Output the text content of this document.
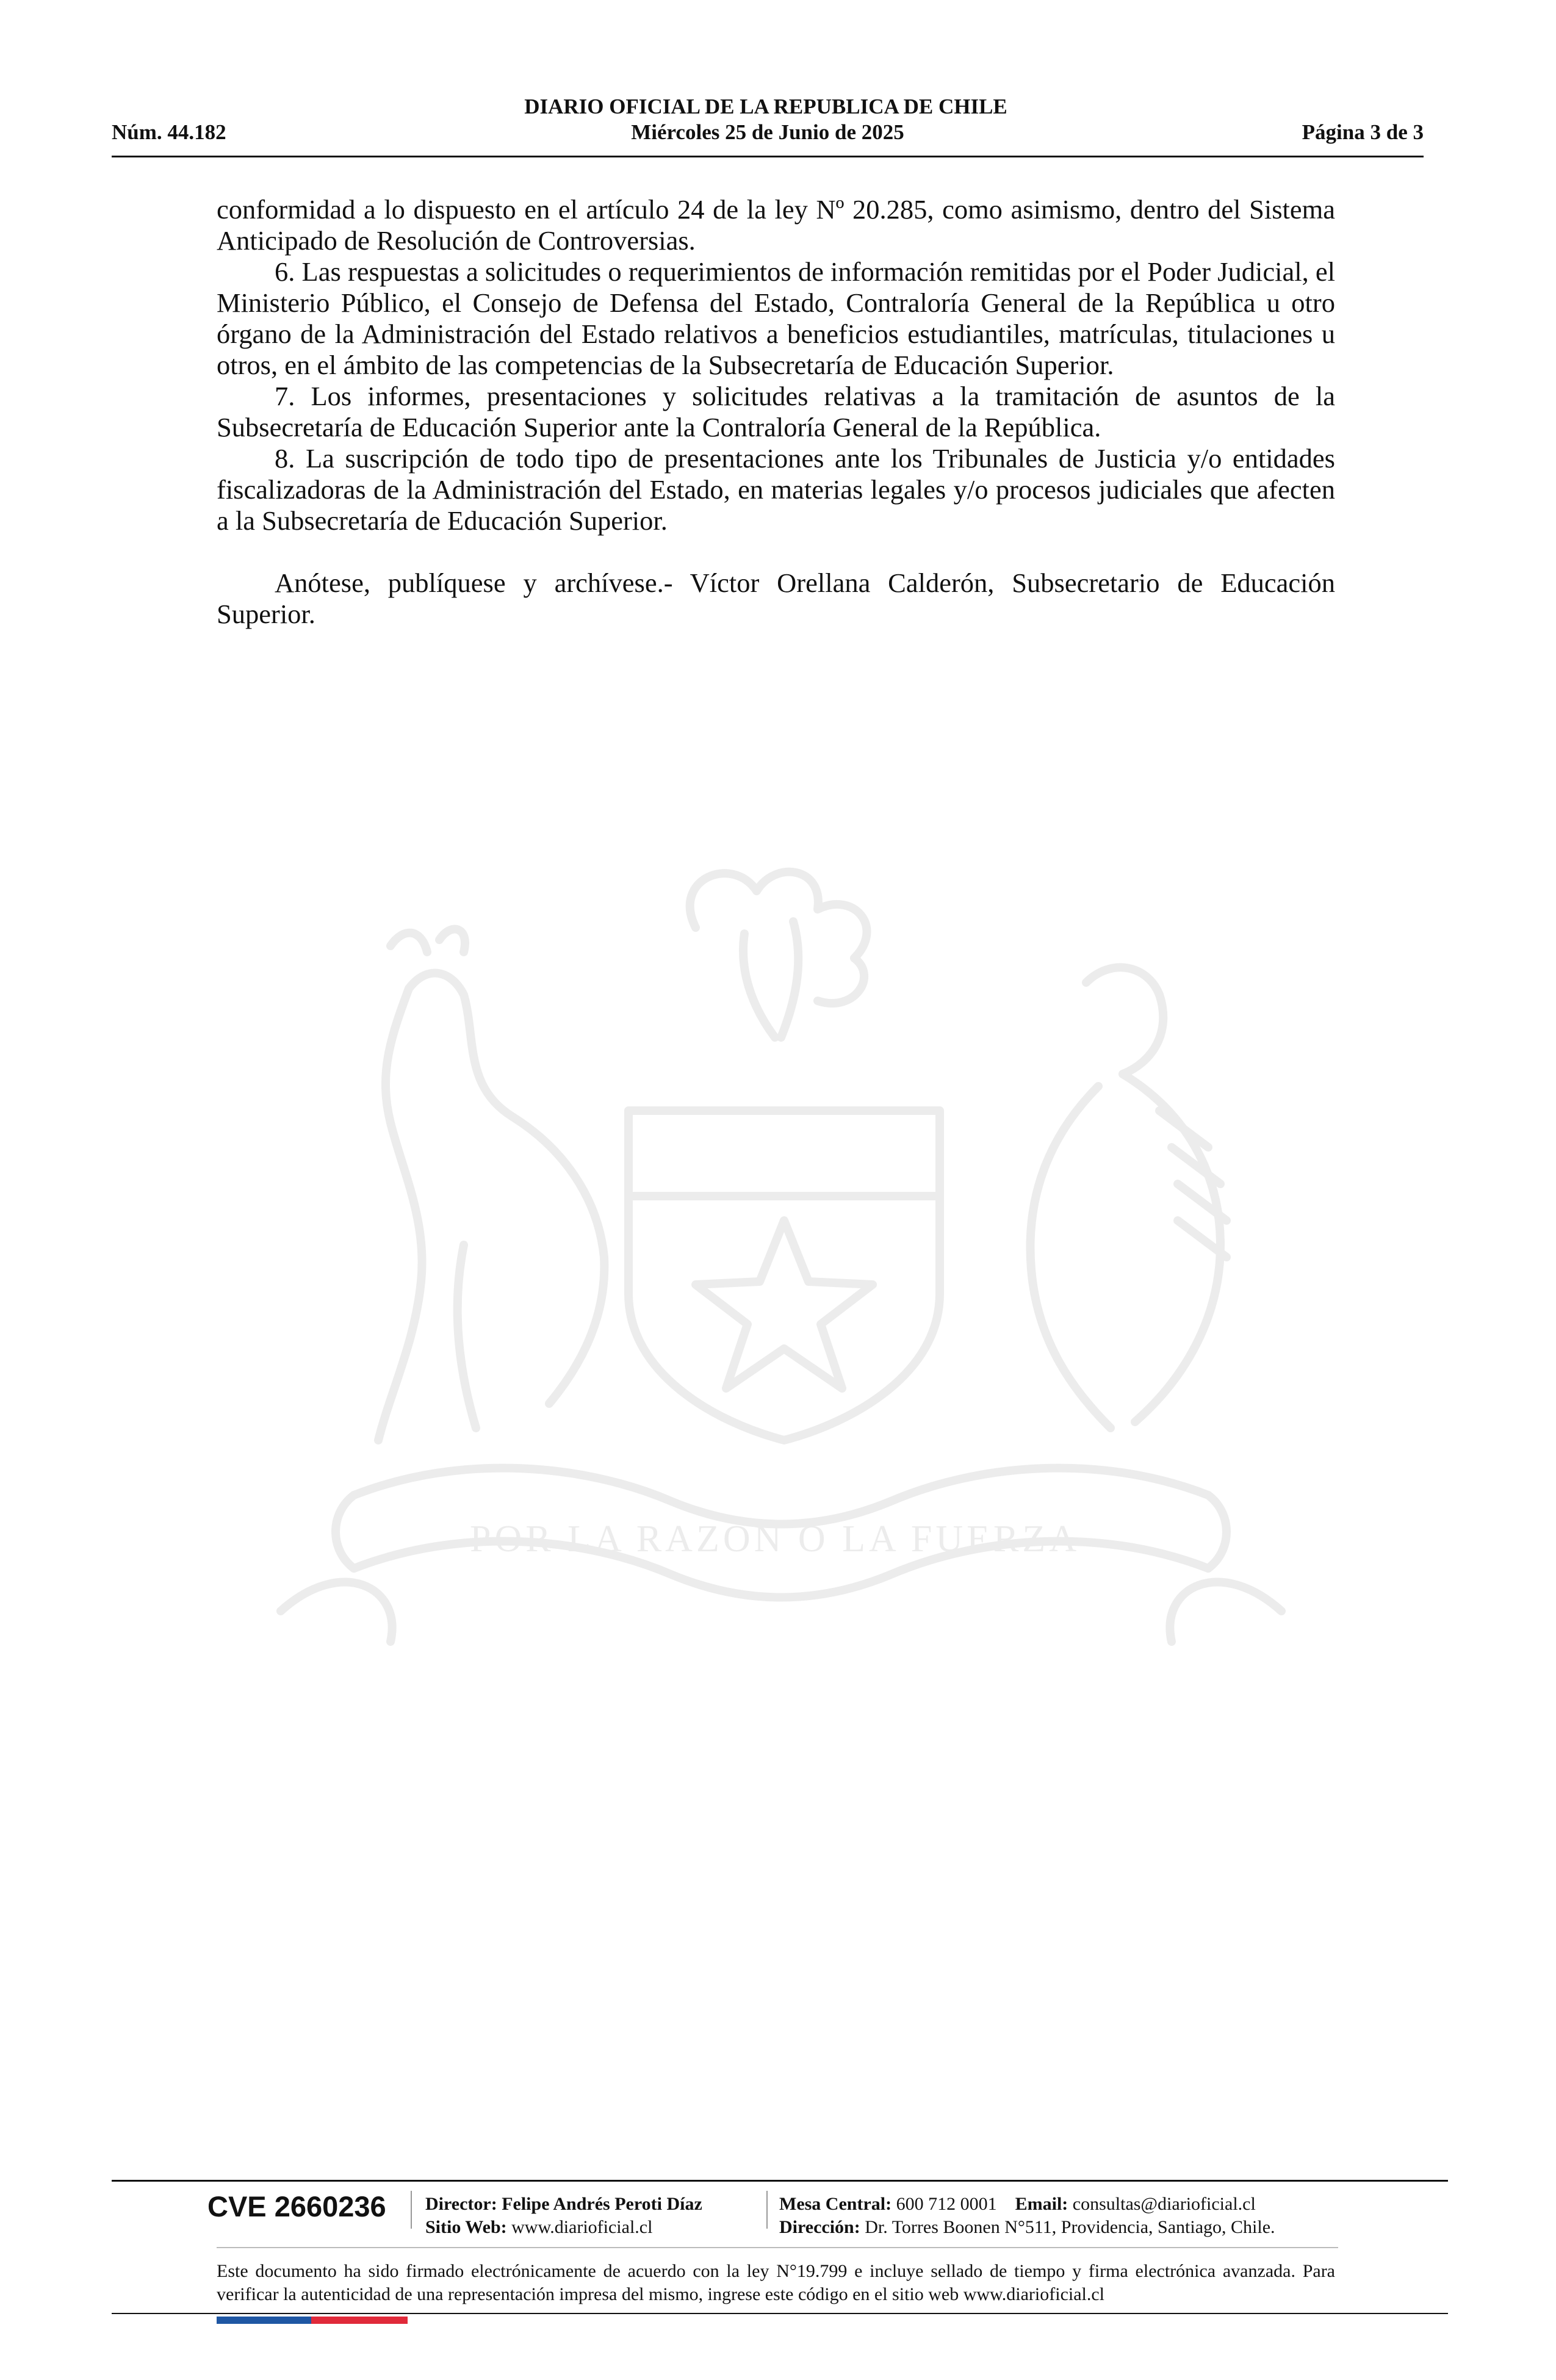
DIARIO OFICIAL DE LA REPUBLICA DE CHILE
Miércoles 25 de Junio de 2025
Núm. 44.182	Página 3 de 3
POR LA RAZÓN O LA FUERZA

conformidad a lo dispuesto en el artículo 24 de la ley Nº 20.285, como asimismo, dentro del Sistema Anticipado de Resolución de Controversias.

6. Las respuestas a solicitudes o requerimientos de información remitidas por el Poder Judicial, el Ministerio Público, el Consejo de Defensa del Estado, Contraloría General de la República u otro órgano de la Administración del Estado relativos a beneficios estudiantiles, matrículas, titulaciones u otros, en el ámbito de las competencias de la Subsecretaría de Educación Superior.

7. Los informes, presentaciones y solicitudes relativas a la tramitación de asuntos de la Subsecretaría de Educación Superior ante la Contraloría General de la República.

8. La suscripción de todo tipo de presentaciones ante los Tribunales de Justicia y/o entidades fiscalizadoras de la Administración del Estado, en materias legales y/o procesos judiciales que afecten a la Subsecretaría de Educación Superior.

Anótese, publíquese y archívese.- Víctor Orellana Calderón, Subsecretario de Educación Superior.

CVE 2660236 Director: Felipe Andrés Peroti Díaz
Sitio Web: www.diarioficial.cl
Mesa Central: 600 712 0001 Email: consultas@diarioficial.cl
Dirección: Dr. Torres Boonen N°511, Providencia, Santiago, Chile.
Este documento ha sido firmado electrónicamente de acuerdo con la ley N°19.799 e incluye sellado de tiempo y firma electrónica avanzada. Para verificar la autenticidad de una representación impresa del mismo, ingrese este código en el sitio web www.diarioficial.cl
